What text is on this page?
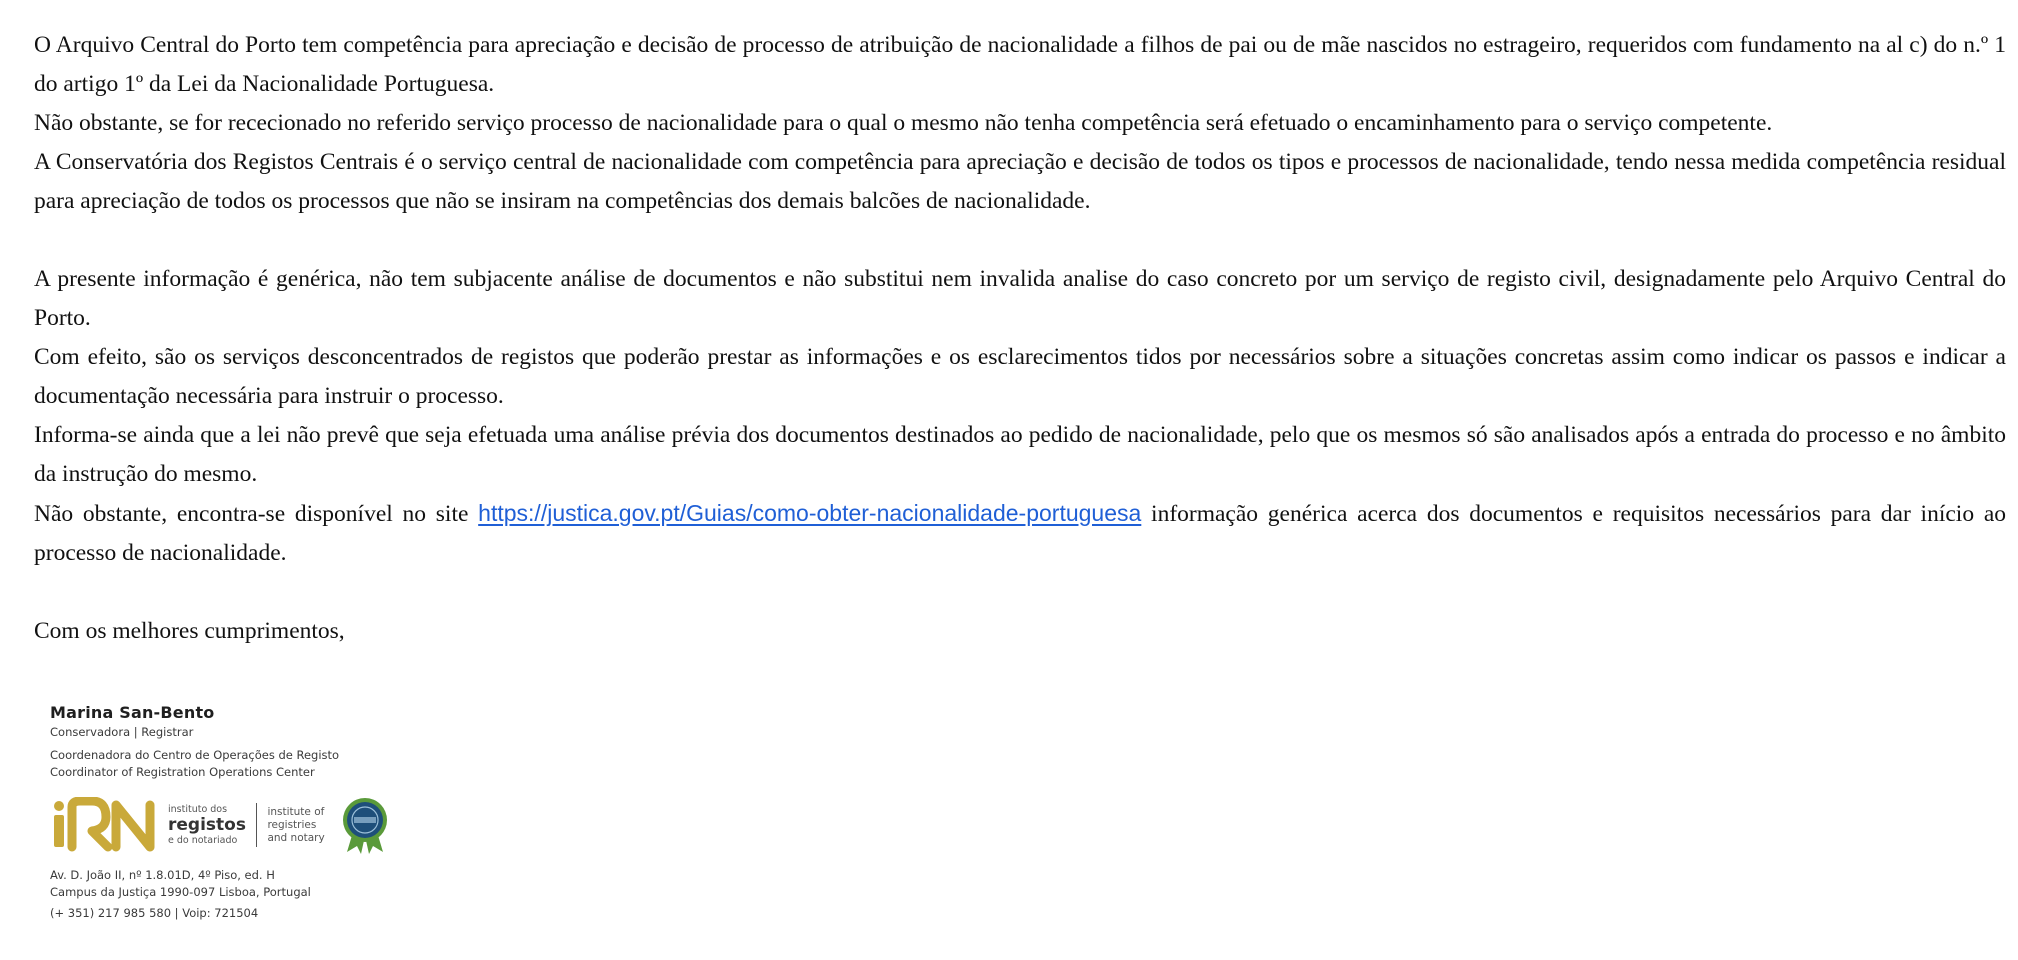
O Arquivo Central do Porto tem competência para apreciação e decisão de processo de atribuição de nacionalidade a filhos de pai ou de mãe nascidos no estrageiro, requeridos com fundamento na al c) do n.º 1 do artigo 1º da Lei da Nacionalidade Portuguesa.

Não obstante, se for rececionado no referido serviço processo de nacionalidade para o qual o mesmo não tenha competência será efetuado o encaminhamento para o serviço competente.

A Conservatória dos Registos Centrais é o serviço central de nacionalidade com competência para apreciação e decisão de todos os tipos e processos de nacionalidade, tendo nessa medida competência residual para apreciação de todos os processos que não se insiram na competências dos demais balcões de nacionalidade.

A presente informação é genérica, não tem subjacente análise de documentos e não substitui nem invalida analise do caso concreto por um serviço de registo civil, designadamente pelo Arquivo Central do Porto.

Com efeito, são os serviços desconcentrados de registos que poderão prestar as informações e os esclarecimentos tidos por necessários sobre a situações concretas assim como indicar os passos e indicar a documentação necessária para instruir o processo.

Informa-se ainda que a lei não prevê que seja efetuada uma análise prévia dos documentos destinados ao pedido de nacionalidade, pelo que os mesmos só são analisados após a entrada do processo e no âmbito da instrução do mesmo.

Não obstante, encontra-se disponível no site https://justica.gov.pt/Guias/como-obter-nacionalidade-portuguesa informação genérica acerca dos documentos e requisitos necessários para dar início ao processo de nacionalidade.

Com os melhores cumprimentos,

Marina San-Bento
Conservadora | Registrar
Coordenadora do Centro de Operações de Registo
Coordinator of Registration Operations Center
instituto dos
registos
e do notariado
institute of
registries
and notary
Av. D. João II, nº 1.8.01D, 4º Piso, ed. H
Campus da Justiça 1990-097 Lisboa, Portugal
(+ 351) 217 985 580 | Voip: 721504
